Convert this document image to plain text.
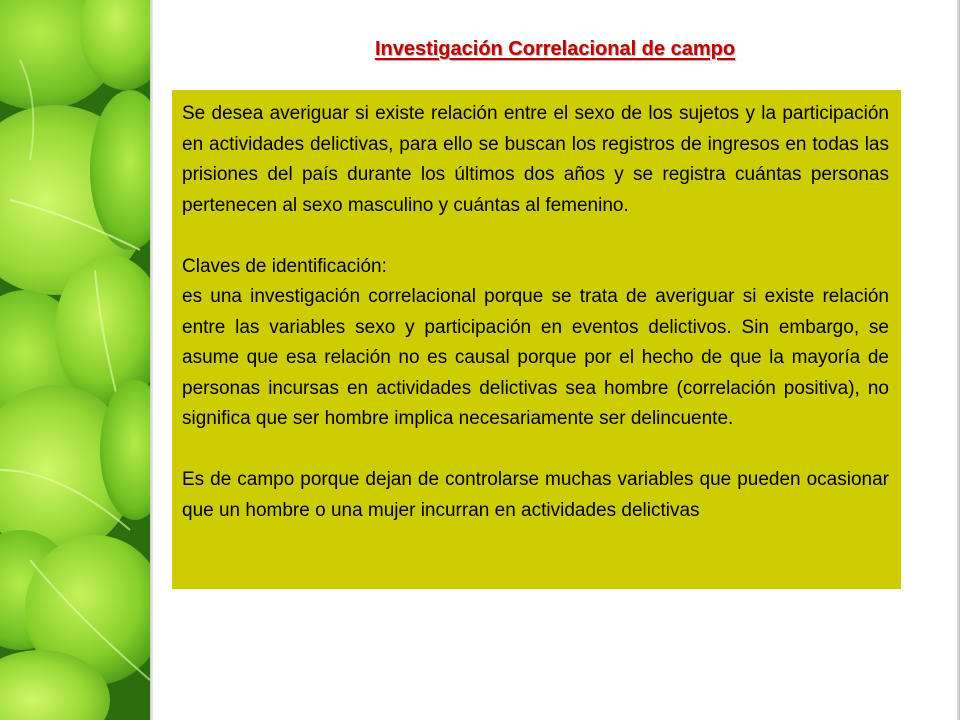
Investigación Correlacional de campo

Se desea averiguar si existe relación entre el sexo de los sujetos y la participación en actividades delictivas, para ello se buscan los registros de ingresos en todas las prisiones del país durante los últimos dos años y se registra cuántas personas pertenecen al sexo masculino y cuántas al femenino.

Claves de identificación:

es una investigación correlacional porque se trata de averiguar si existe relación entre las variables sexo y participación en eventos delictivos. Sin embargo, se asume que esa relación no es causal porque por el hecho de que la mayoría de personas incursas en actividades delictivas sea hombre (correlación positiva), no significa que ser hombre implica necesariamente ser delincuente.

Es de campo porque dejan de controlarse muchas variables que pueden ocasionar que un hombre o una mujer incurran en actividades delictivas
